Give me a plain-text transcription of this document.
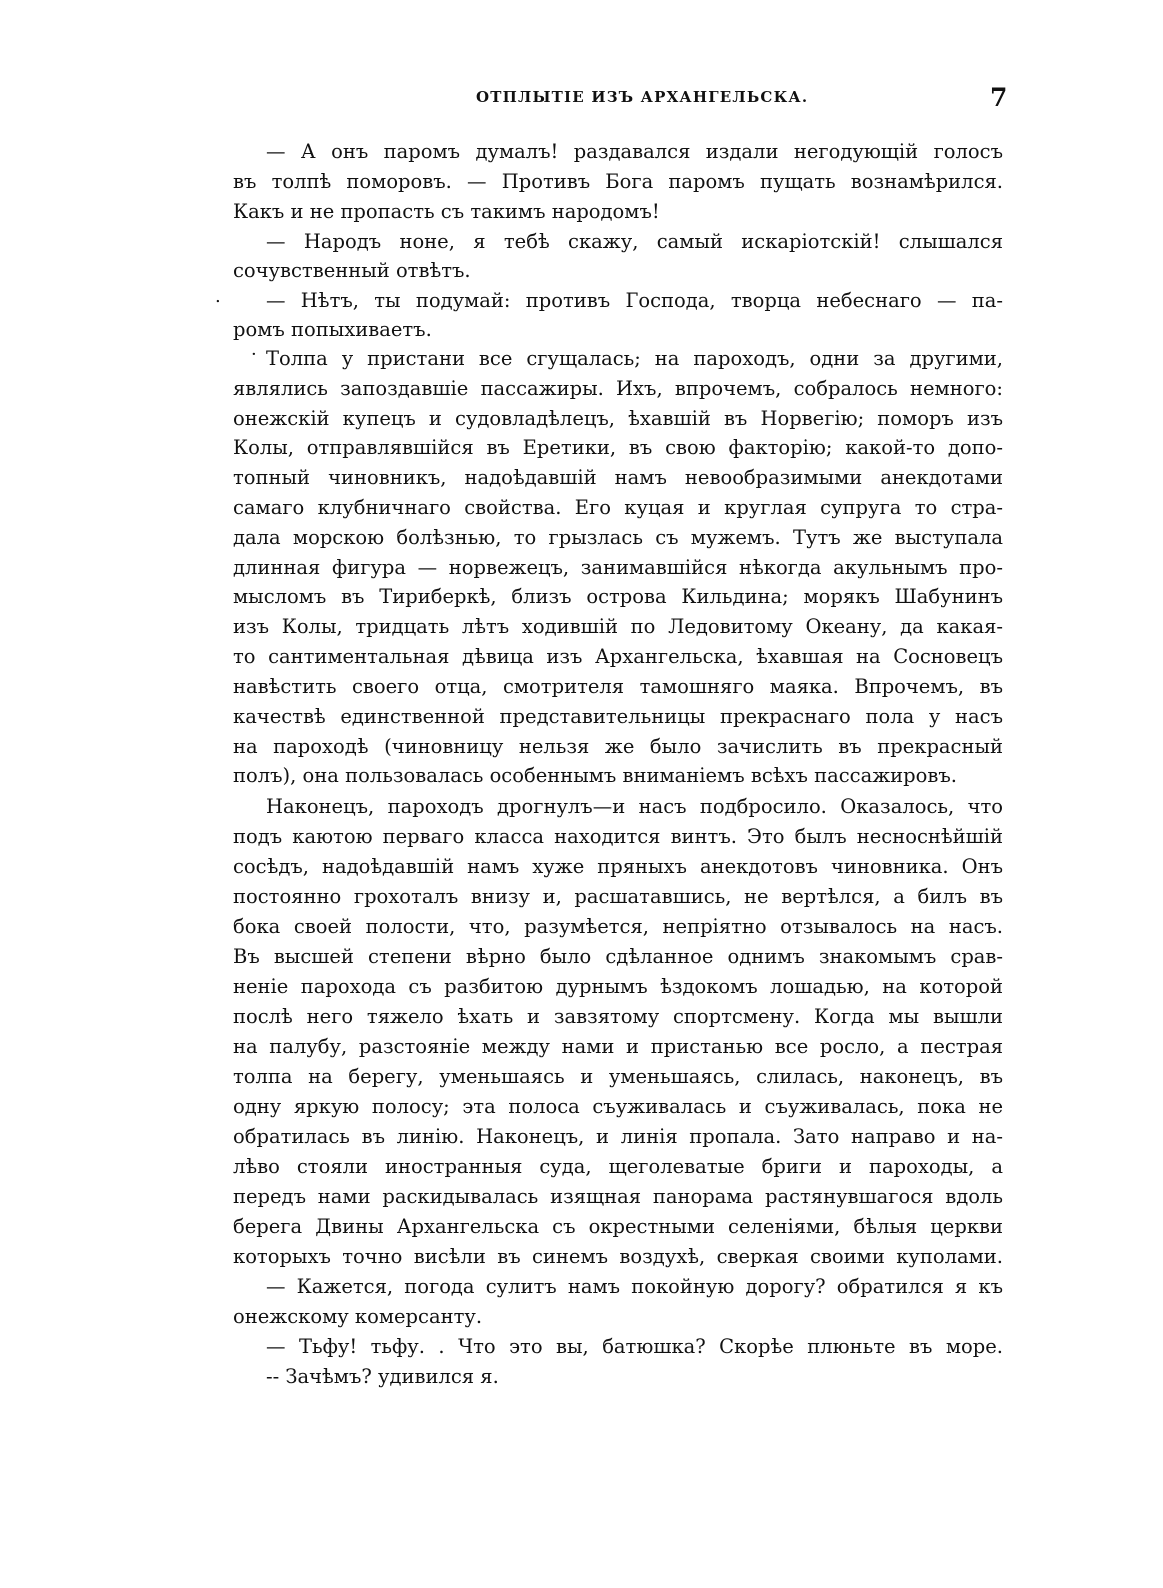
ОТПЛЫТІЕ ИЗЪ АРХАНГЕЛЬСКА.	7
— А онъ паромъ думалъ! раздавался издали негодующій голосъ
въ толпѣ поморовъ. — Противъ Бога паромъ пущать вознамѣрился.
Какъ и не пропасть съ такимъ народомъ!
— Народъ ноне, я тебѣ скажу, самый искаріотскій! слышался
сочувственный отвѣтъ.
— Нѣтъ, ты подумай: противъ Господа, творца небеснаго — па-
ромъ попыхиваетъ.
Толпа у пристани все сгущалась; на пароходъ, одни за другими,
являлись запоздавшіе пассажиры. Ихъ, впрочемъ, собралось немного:
онежскій купецъ и судовладѣлецъ, ѣхавшій въ Норвегію; поморъ изъ
Колы, отправлявшійся въ Еретики, въ свою факторію; какой-то допо-
топный чиновникъ, надоѣдавшій намъ невообразимыми анекдотами
самаго клубничнаго свойства. Его куцая и круглая супруга то стра-
дала морскою болѣзнью, то грызлась съ мужемъ. Тутъ же выступала
длинная фигура — норвежецъ, занимавшійся нѣкогда акульнымъ про-
мысломъ въ Тириберкѣ, близъ острова Кильдина; морякъ Шабунинъ
изъ Колы, тридцать лѣтъ ходившій по Ледовитому Океану, да какая-
то сантиментальная дѣвица изъ Архангельска, ѣхавшая на Сосновецъ
навѣстить своего отца, смотрителя тамошняго маяка. Впрочемъ, въ
качествѣ единственной представительницы прекраснаго пола у насъ
на пароходѣ (чиновницу нельзя же было зачислить въ прекрасный
полъ), она пользовалась особеннымъ вниманіемъ всѣхъ пассажировъ.
Наконецъ, пароходъ дрогнулъ—и насъ подбросило. Оказалось, что
подъ каютою перваго класса находится винтъ. Это былъ несноснѣйшій
сосѣдъ, надоѣдавшій намъ хуже пряныхъ анекдотовъ чиновника. Онъ
постоянно грохоталъ внизу и, расшатавшись, не вертѣлся, а билъ въ
бока своей полости, что, разумѣется, непріятно отзывалось на насъ.
Въ высшей степени вѣрно было сдѣланное однимъ знакомымъ срав-
неніе парохода съ разбитою дурнымъ ѣздокомъ лошадью, на которой
послѣ него тяжело ѣхать и завзятому спортсмену. Когда мы вышли
на палубу, разстояніе между нами и пристанью все росло, а пестрая
толпа на берегу, уменьшаясь и уменьшаясь, слилась, наконецъ, въ
одну яркую полосу; эта полоса съуживалась и съуживалась, пока не
обратилась въ линію. Наконецъ, и линія пропала. Зато направо и на-
лѣво стояли иностранныя суда, щеголеватые бриги и пароходы, а
передъ нами раскидывалась изящная панорама растянувшагося вдоль
берега Двины Архангельска съ окрестными селеніями, бѣлыя церкви
которыхъ точно висѣли въ синемъ воздухѣ, сверкая своими куполами.
— Кажется, погода сулитъ намъ покойную дорогу? обратился я къ
онежскому комерсанту.
— Тьфу! тьфу. . Что это вы, батюшка? Скорѣе плюньте въ море.
-- Зачѣмъ? удивился я.
.
·
